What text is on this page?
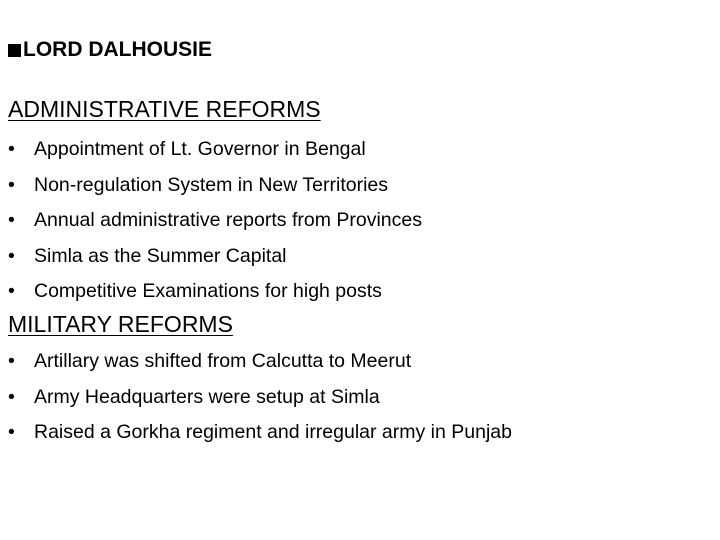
LORD DALHOUSIE
ADMINISTRATIVE REFORMS
• Appointment of Lt. Governor in Bengal
• Non-regulation System in New Territories
• Annual administrative reports from Provinces
• Simla as the Summer Capital
• Competitive Examinations for high posts
MILITARY REFORMS
• Artillary was shifted from Calcutta to Meerut
• Army Headquarters were setup at Simla
• Raised a Gorkha regiment and irregular army in Punjab
